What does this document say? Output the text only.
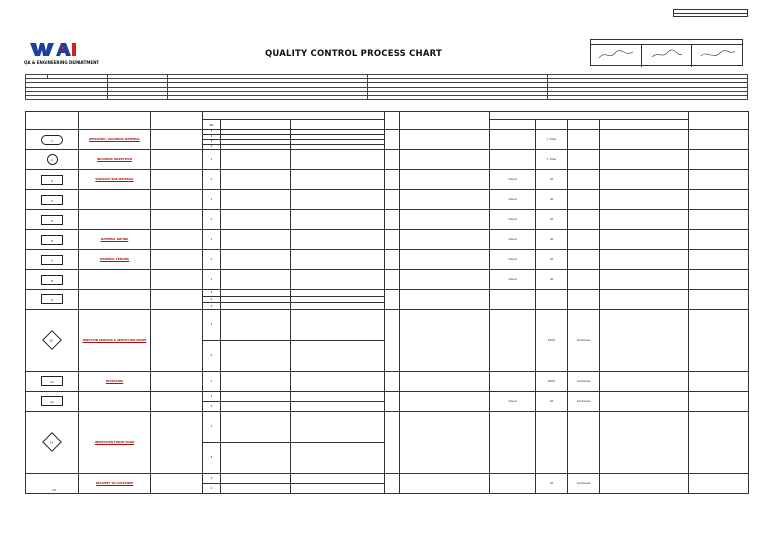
QA & ENGINEERING DEPARTMENT
QUALITY CONTROL PROCESS CHART

			No									
1	RECEIVING / INCOMING MATERIAL		1						1 Time			
			2									
			3									
			4									
2	INCOMING INSPECTION		1						1 Time			
3	STRAIGHT BAR MATERIAL		1					Visual	All			
4			1					Visual	All			
5			1					Visual	All			
6	MATERIAL DRYING		1					Visual	All			
7	MATERIAL FEEDING		1					Visual	All			
8			1					Visual	All			
9			1									
			2									
			3									
10	INJECTION PROCESS & INSPECTION PHASE		1						100%	Continues		
			2									
11	PACKAGING		1						100%	Continues		
12			1					Visual	All	Continues		
			2									
13	INSPECTION FINISH GOOD		1									
			2									
14	DELIVERY TO CUSTOMER		1						All	Continues		
			2									
